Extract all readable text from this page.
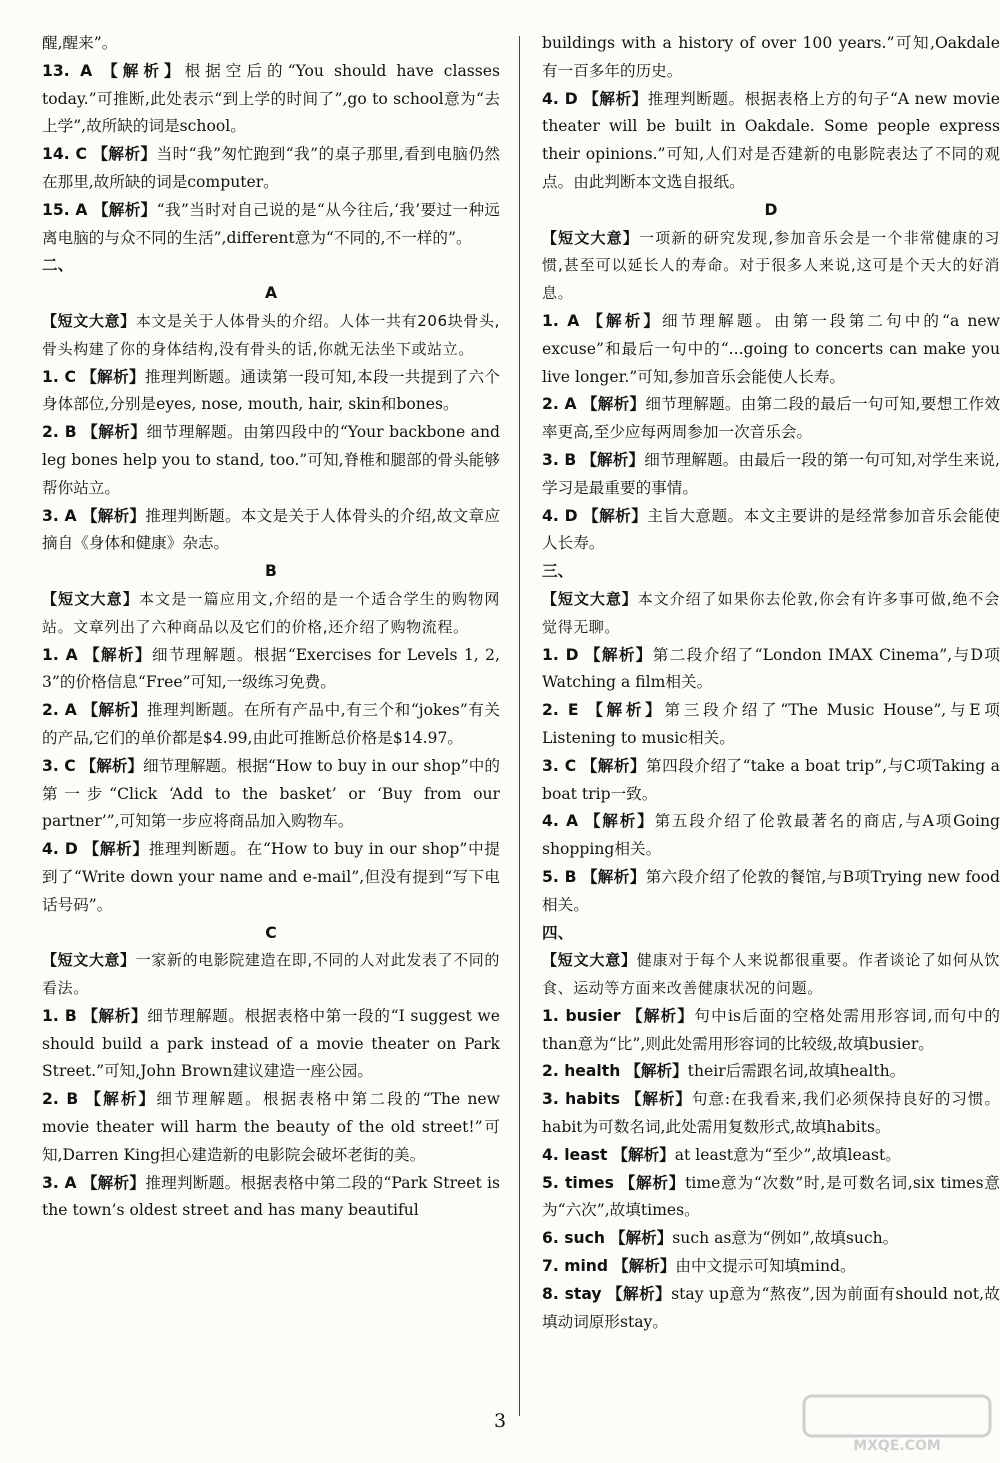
醒,醒来”。

13. A 【解析】根据空后的“You should have classes today.”可推断,此处表示“到上学的时间了”,go to school意为“去上学”,故所缺的词是school。

14. C 【解析】当时“我”匆忙跑到“我”的桌子那里,看到电脑仍然在那里,故所缺的词是computer。

15. A 【解析】“我”当时对自己说的是“从今往后,‘我’要过一种远离电脑的与众不同的生活”,different意为“不同的,不一样的”。

二、

A

【短文大意】本文是关于人体骨头的介绍。人体一共有206块骨头,骨头构建了你的身体结构,没有骨头的话,你就无法坐下或站立。

1. C 【解析】推理判断题。通读第一段可知,本段一共提到了六个身体部位,分别是eyes, nose, mouth, hair, skin和bones。

2. B 【解析】细节理解题。由第四段中的“Your backbone and leg bones help you to stand, too.”可知,脊椎和腿部的骨头能够帮你站立。

3. A 【解析】推理判断题。本文是关于人体骨头的介绍,故文章应摘自《身体和健康》杂志。

B

【短文大意】本文是一篇应用文,介绍的是一个适合学生的购物网站。文章列出了六种商品以及它们的价格,还介绍了购物流程。

1. A 【解析】细节理解题。根据“Exercises for Levels 1, 2, 3”的价格信息“Free”可知,一级练习免费。

2. A 【解析】推理判断题。在所有产品中,有三个和“jokes”有关的产品,它们的单价都是$4.99,由此可推断总价格是$14.97。

3. C 【解析】细节理解题。根据“How to buy in our shop”中的第一步“Click ‘Add to the basket’ or ‘Buy from our partner’”,可知第一步应将商品加入购物车。

4. D 【解析】推理判断题。在“How to buy in our shop”中提到了“Write down your name and e-mail”,但没有提到“写下电话号码”。

C

【短文大意】一家新的电影院建造在即,不同的人对此发表了不同的看法。

1. B 【解析】细节理解题。根据表格中第一段的“I suggest we should build a park instead of a movie theater on Park Street.”可知,John Brown建议建造一座公园。

2. B 【解析】细节理解题。根据表格中第二段的“The new movie theater will harm the beauty of the old street!”可知,Darren King担心建造新的电影院会破坏老街的美。

3. A 【解析】推理判断题。根据表格中第二段的“Park Street is the town’s oldest street and has many beautiful

buildings with a history of over 100 years.”可知,Oakdale有一百多年的历史。

4. D 【解析】推理判断题。根据表格上方的句子“A new movie theater will be built in Oakdale. Some people express their opinions.”可知,人们对是否建新的电影院表达了不同的观点。由此判断本文选自报纸。

D

【短文大意】一项新的研究发现,参加音乐会是一个非常健康的习惯,甚至可以延长人的寿命。对于很多人来说,这可是个天大的好消息。

1. A 【解析】细节理解题。由第一段第二句中的“a new excuse”和最后一句中的“...going to concerts can make you live longer.”可知,参加音乐会能使人长寿。

2. A 【解析】细节理解题。由第二段的最后一句可知,要想工作效率更高,至少应每两周参加一次音乐会。

3. B 【解析】细节理解题。由最后一段的第一句可知,对学生来说,学习是最重要的事情。

4. D 【解析】主旨大意题。本文主要讲的是经常参加音乐会能使人长寿。

三、

【短文大意】本文介绍了如果你去伦敦,你会有许多事可做,绝不会觉得无聊。

1. D 【解析】第二段介绍了“London IMAX Cinema”,与D项Watching a film相关。

2. E 【解析】第三段介绍了“The Music House”,与E项Listening to music相关。

3. C 【解析】第四段介绍了“take a boat trip”,与C项Taking a boat trip一致。

4. A 【解析】第五段介绍了伦敦最著名的商店,与A项Going shopping相关。

5. B 【解析】第六段介绍了伦敦的餐馆,与B项Trying new food相关。

四、

【短文大意】健康对于每个人来说都很重要。作者谈论了如何从饮食、运动等方面来改善健康状况的问题。

1. busier 【解析】句中is后面的空格处需用形容词,而句中的than意为“比”,则此处需用形容词的比较级,故填busier。

2. health 【解析】their后需跟名词,故填health。

3. habits 【解析】句意:在我看来,我们必须保持良好的习惯。habit为可数名词,此处需用复数形式,故填habits。

4. least 【解析】at least意为“至少”,故填least。

5. times 【解析】time意为“次数”时,是可数名词,six times意为“六次”,故填times。

6. such 【解析】such as意为“例如”,故填such。

7. mind 【解析】由中文提示可知填mind。

8. stay 【解析】stay up意为“熬夜”,因为前面有should not,故填动词原形stay。

3
MXQE.COM
